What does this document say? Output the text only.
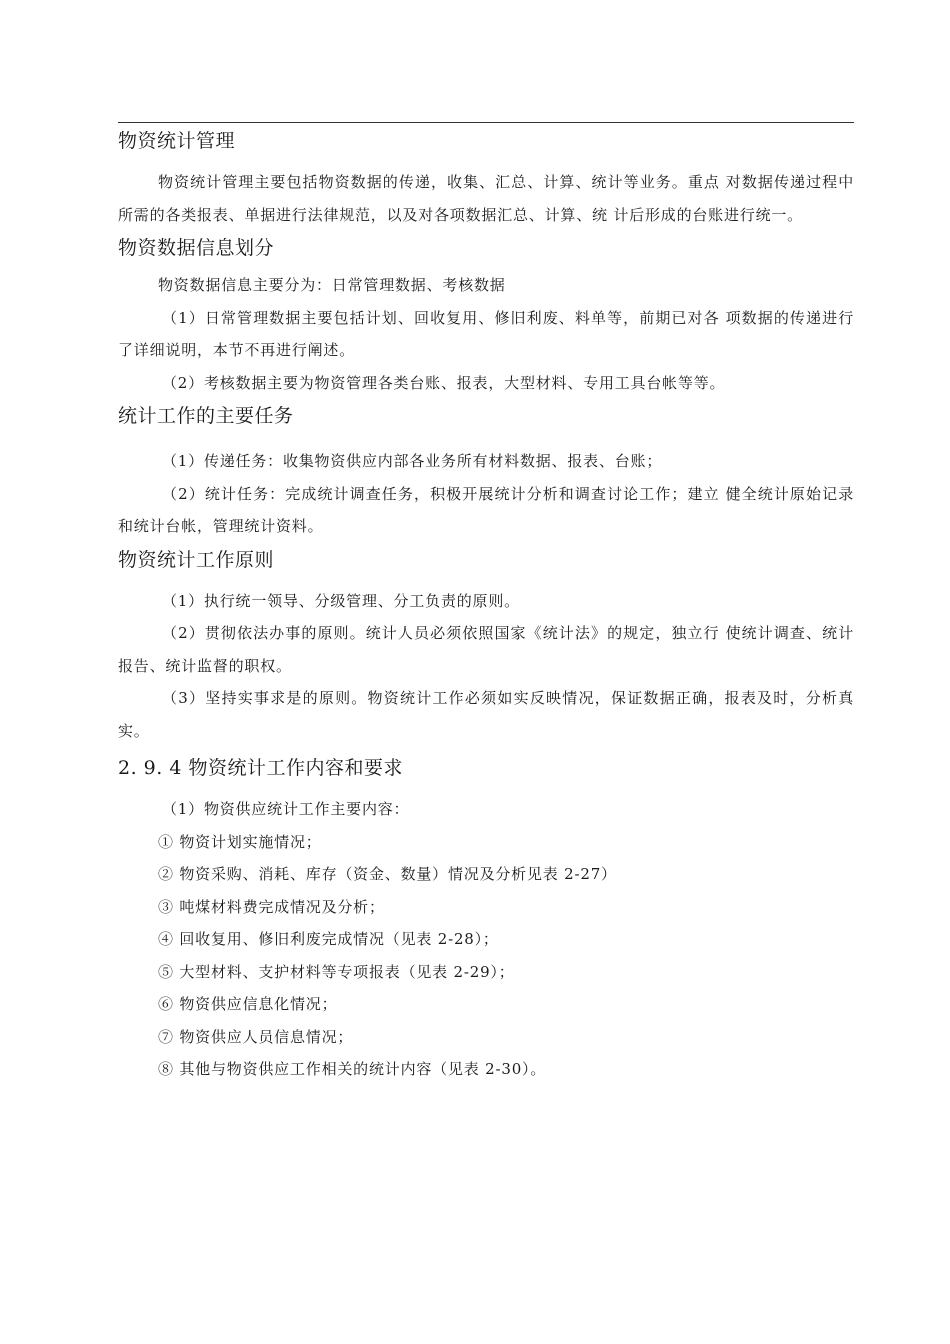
物资统计管理

物资统计管理主要包括物资数据的传递，收集、汇总、计算、统计等业务。重点 对数据传递过程中所需的各类报表、单据进行法律规范，以及对各项数据汇总、计算、统 计后形成的台账进行统一。

物资数据信息划分

物资数据信息主要分为：日常管理数据、考核数据

（1）日常管理数据主要包括计划、回收复用、修旧利废、料单等，前期已对各 项数据的传递进行了详细说明，本节不再进行阐述。

（2）考核数据主要为物资管理各类台账、报表，大型材料、专用工具台帐等等。

统计工作的主要任务

（1）传递任务：收集物资供应内部各业务所有材料数据、报表、台账；

（2）统计任务：完成统计调查任务，积极开展统计分析和调查讨论工作；建立 健全统计原始记录和统计台帐，管理统计资料。

物资统计工作原则

（1）执行统一领导、分级管理、分工负责的原则。

（2）贯彻依法办事的原则。统计人员必须依照国家《统计法》的规定，独立行 使统计调查、统计报告、统计监督的职权。

（3）坚持实事求是的原则。物资统计工作必须如实反映情况，保证数据正确，报表及时，分析真实。

2. 9. 4 物资统计工作内容和要求

（1）物资供应统计工作主要内容：

① 物资计划实施情况；

② 物资采购、消耗、库存（资金、数量）情况及分析见表 2-27）

③ 吨煤材料费完成情况及分析；

④ 回收复用、修旧利废完成情况（见表 2-28）；

⑤ 大型材料、支护材料等专项报表（见表 2-29）；

⑥ 物资供应信息化情况；

⑦ 物资供应人员信息情况；

⑧ 其他与物资供应工作相关的统计内容（见表 2-30）。
